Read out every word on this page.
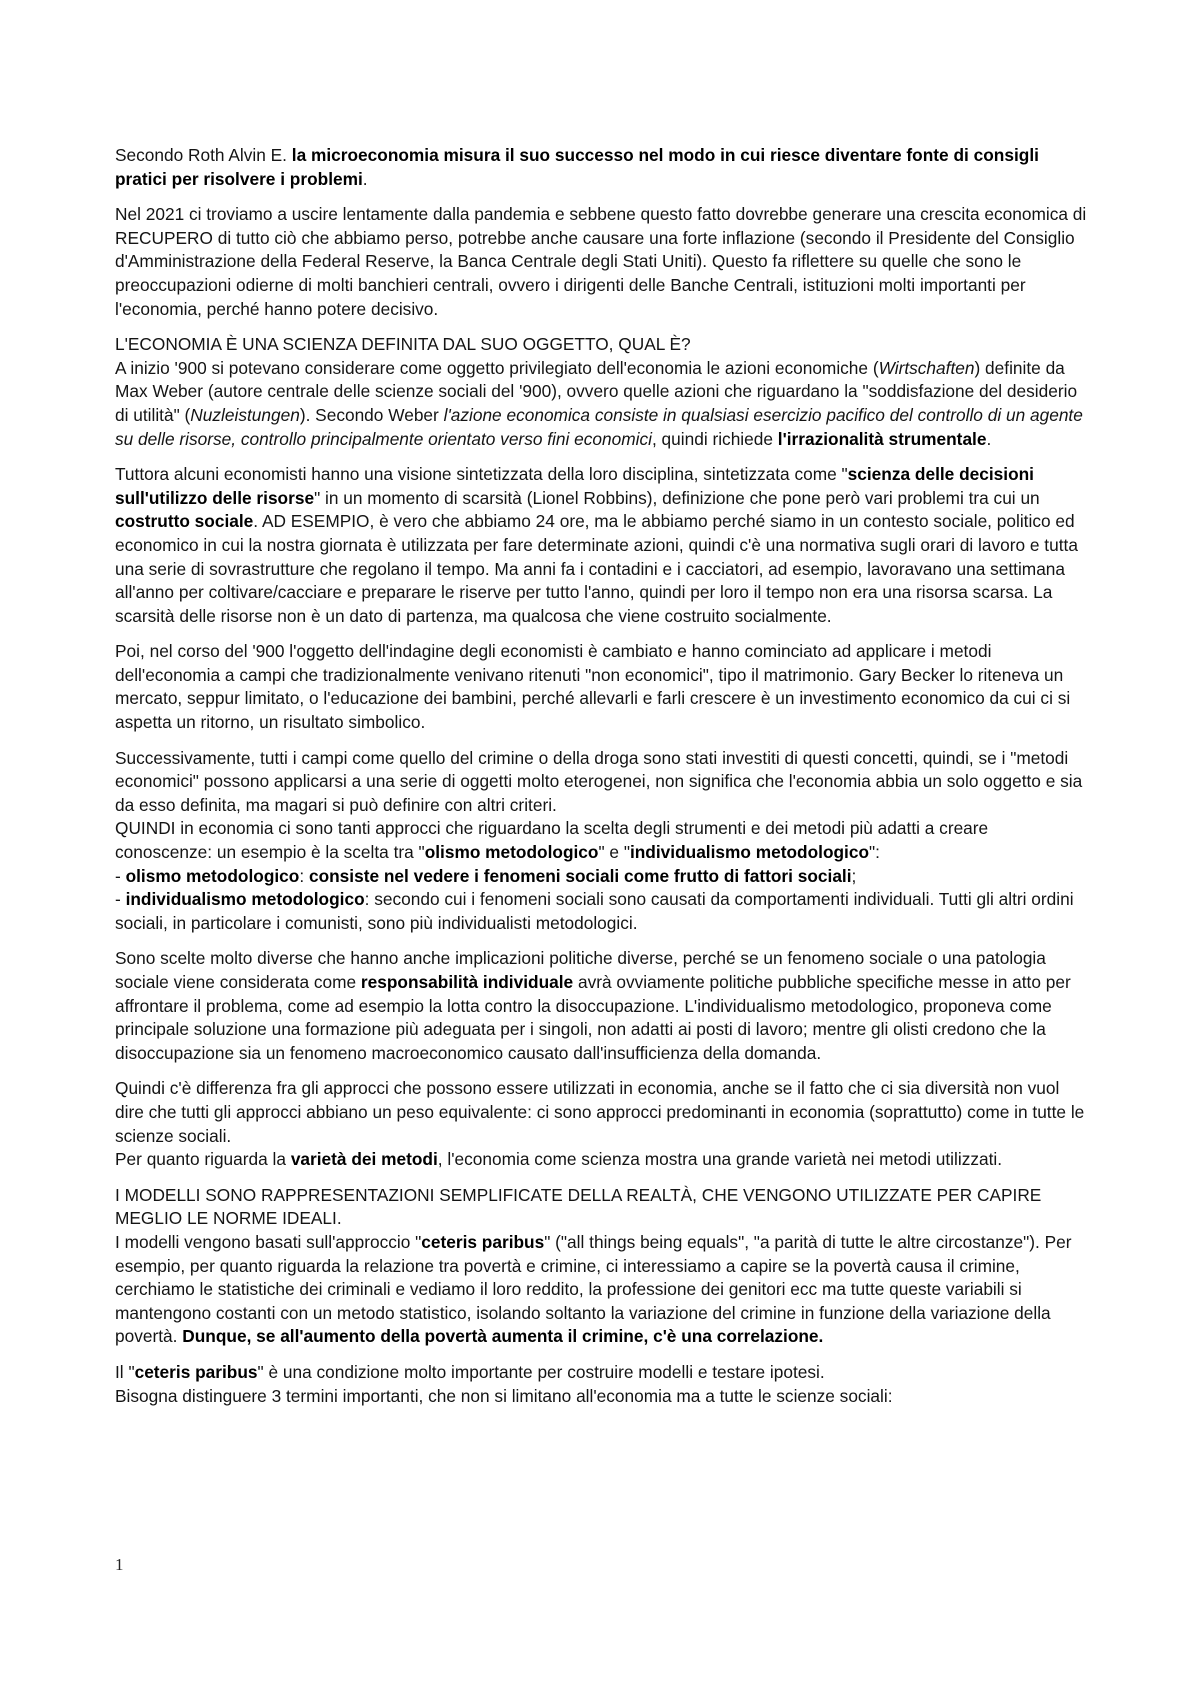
Secondo Roth Alvin E. la microeconomia misura il suo successo nel modo in cui riesce diventare fonte di consigli pratici per risolvere i problemi.

Nel 2021 ci troviamo a uscire lentamente dalla pandemia e sebbene questo fatto dovrebbe generare una crescita economica di RECUPERO di tutto ciò che abbiamo perso, potrebbe anche causare una forte inflazione (secondo il Presidente del Consiglio d'Amministrazione della Federal Reserve, la Banca Centrale degli Stati Uniti). Questo fa riflettere su quelle che sono le preoccupazioni odierne di molti banchieri centrali, ovvero i dirigenti delle Banche Centrali, istituzioni molti importanti per l'economia, perché hanno potere decisivo.

L'ECONOMIA È UNA SCIENZA DEFINITA DAL SUO OGGETTO, QUAL È?
A inizio '900 si potevano considerare come oggetto privilegiato dell'economia le azioni economiche (Wirtschaften) definite da Max Weber (autore centrale delle scienze sociali del '900), ovvero quelle azioni che riguardano la "soddisfazione del desiderio di utilità" (Nuzleistungen). Secondo Weber l'azione economica consiste in qualsiasi esercizio pacifico del controllo di un agente su delle risorse, controllo principalmente orientato verso fini economici, quindi richiede l'irrazionalità strumentale.

Tuttora alcuni economisti hanno una visione sintetizzata della loro disciplina, sintetizzata come "scienza delle decisioni sull'utilizzo delle risorse" in un momento di scarsità (Lionel Robbins), definizione che pone però vari problemi tra cui un costrutto sociale. AD ESEMPIO, è vero che abbiamo 24 ore, ma le abbiamo perché siamo in un contesto sociale, politico ed economico in cui la nostra giornata è utilizzata per fare determinate azioni, quindi c'è una normativa sugli orari di lavoro e tutta una serie di sovrastrutture che regolano il tempo. Ma anni fa i contadini e i cacciatori, ad esempio, lavoravano una settimana all'anno per coltivare/cacciare e preparare le riserve per tutto l'anno, quindi per loro il tempo non era una risorsa scarsa. La scarsità delle risorse non è un dato di partenza, ma qualcosa che viene costruito socialmente.

Poi, nel corso del '900 l'oggetto dell'indagine degli economisti è cambiato e hanno cominciato ad applicare i metodi dell'economia a campi che tradizionalmente venivano ritenuti "non economici", tipo il matrimonio. Gary Becker lo riteneva un mercato, seppur limitato, o l'educazione dei bambini, perché allevarli e farli crescere è un investimento economico da cui ci si aspetta un ritorno, un risultato simbolico.

Successivamente, tutti i campi come quello del crimine o della droga sono stati investiti di questi concetti, quindi, se i "metodi economici" possono applicarsi a una serie di oggetti molto eterogenei, non significa che l'economia abbia un solo oggetto e sia da esso definita, ma magari si può definire con altri criteri.
QUINDI in economia ci sono tanti approcci che riguardano la scelta degli strumenti e dei metodi più adatti a creare conoscenze: un esempio è la scelta tra "olismo metodologico" e "individualismo metodologico":
- olismo metodologico: consiste nel vedere i fenomeni sociali come frutto di fattori sociali;
- individualismo metodologico: secondo cui i fenomeni sociali sono causati da comportamenti individuali. Tutti gli altri ordini sociali, in particolare i comunisti, sono più individualisti metodologici.

Sono scelte molto diverse che hanno anche implicazioni politiche diverse, perché se un fenomeno sociale o una patologia sociale viene considerata come responsabilità individuale avrà ovviamente politiche pubbliche specifiche messe in atto per affrontare il problema, come ad esempio la lotta contro la disoccupazione. L'individualismo metodologico, proponeva come principale soluzione una formazione più adeguata per i singoli, non adatti ai posti di lavoro; mentre gli olisti credono che la disoccupazione sia un fenomeno macroeconomico causato dall'insufficienza della domanda.

Quindi c'è differenza fra gli approcci che possono essere utilizzati in economia, anche se il fatto che ci sia diversità non vuol dire che tutti gli approcci abbiano un peso equivalente: ci sono approcci predominanti in economia (soprattutto) come in tutte le scienze sociali.
Per quanto riguarda la varietà dei metodi, l'economia come scienza mostra una grande varietà nei metodi utilizzati.

I MODELLI SONO RAPPRESENTAZIONI SEMPLIFICATE DELLA REALTÀ, CHE VENGONO UTILIZZATE PER CAPIRE MEGLIO LE NORME IDEALI.
I modelli vengono basati sull'approccio "ceteris paribus" ("all things being equals", "a parità di tutte le altre circostanze"). Per esempio, per quanto riguarda la relazione tra povertà e crimine, ci interessiamo a capire se la povertà causa il crimine, cerchiamo le statistiche dei criminali e vediamo il loro reddito, la professione dei genitori ecc ma tutte queste variabili si mantengono costanti con un metodo statistico, isolando soltanto la variazione del crimine in funzione della variazione della povertà. Dunque, se all'aumento della povertà aumenta il crimine, c'è una correlazione.

Il "ceteris paribus" è una condizione molto importante per costruire modelli e testare ipotesi.
Bisogna distinguere 3 termini importanti, che non si limitano all'economia ma a tutte le scienze sociali:

1
